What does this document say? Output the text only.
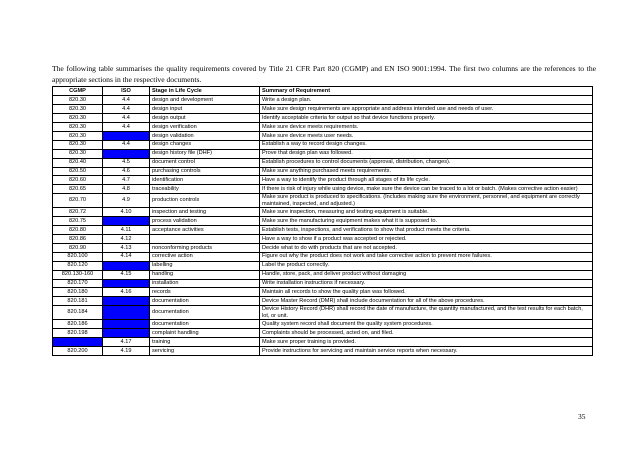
The following table summarises the quality requirements covered by Title 21 CFR Part 820 (CGMP) and EN ISO 9001:1994. The first two columns are the references to the appropriate sections in the respective documents.

CGMP	ISO	Stage in Life Cycle	Summary of Requirement
820.30	4.4	design and development	Write a design plan.
820.30	4.4	design input	Make sure design requirements are appropriate and address intended use and needs of user.
820.30	4.4	design output	Identify acceptable criteria for output so that device functions properly.
820.30	4.4	design verification	Make sure device meets requirements.
820.30		design validation	Make sure device meets user needs.
820.30	4.4	design changes	Establish a way to record design changes.
820.30		design history file (DHF)	Prove that design plan was followed.
820.40	4.5	document control	Establish procedures to control documents (approval, distribution, changes).
820.50	4.6	purchasing controls	Make sure anything purchased meets requirements.
820.60	4.7	identification	Have a way to identify the product through all stages of its life cycle.
820.65	4.8	traceability	If there is risk of injury while using device, make sure the device can be traced to a lot or batch. (Makes corrective action easier)
820.70	4.9	production controls	Make sure product is produced to specifications. (Includes making sure the environment, personnel, and equipment are correctly maintained, inspected, and adjusted.)
820.72	4.10	inspection and testing	Make sure inspection, measuring and testing equipment is suitable.
820.75		process validation	Make sure the manufacturing equipment makes what it is supposed to.
820.80	4.11	acceptance activities	Establish tests, inspections, and verifications to show that product meets the criteria.
820.86	4.12		Have a way to show if a product was accepted or rejected.
820.90	4.13	nonconforming products	Decide what to do with products that are not accepted.
820.100	4.14	corrective action	Figure out why the product does not work and take corrective action to prevent more failures.
820.120		labelling	Label the product correctly.
820.130-160	4.15	handling	Handle, store, pack, and deliver product without damaging
820.170		installation	Write installation instructions if necessary.
820.180	4.16	records	Maintain all records to show the quality plan was followed.
820.181		documentation	Device Master Record (DMR) shall include documentation for all of the above procedures.
820.184		documentation	Device History Record (DHR) shall record the date of manufacture, the quantity manufactured, and the test results for each batch, lot, or unit.
820.186		documentation	Quality system record shall document the quality system procedures.
820.198		complaint handling	Complaints should be processed, acted on, and filed.
	4.17	training	Make sure proper training is provided.
820.200	4.19	servicing	Provide instructions for servicing and maintain service reports when necessary.
35
